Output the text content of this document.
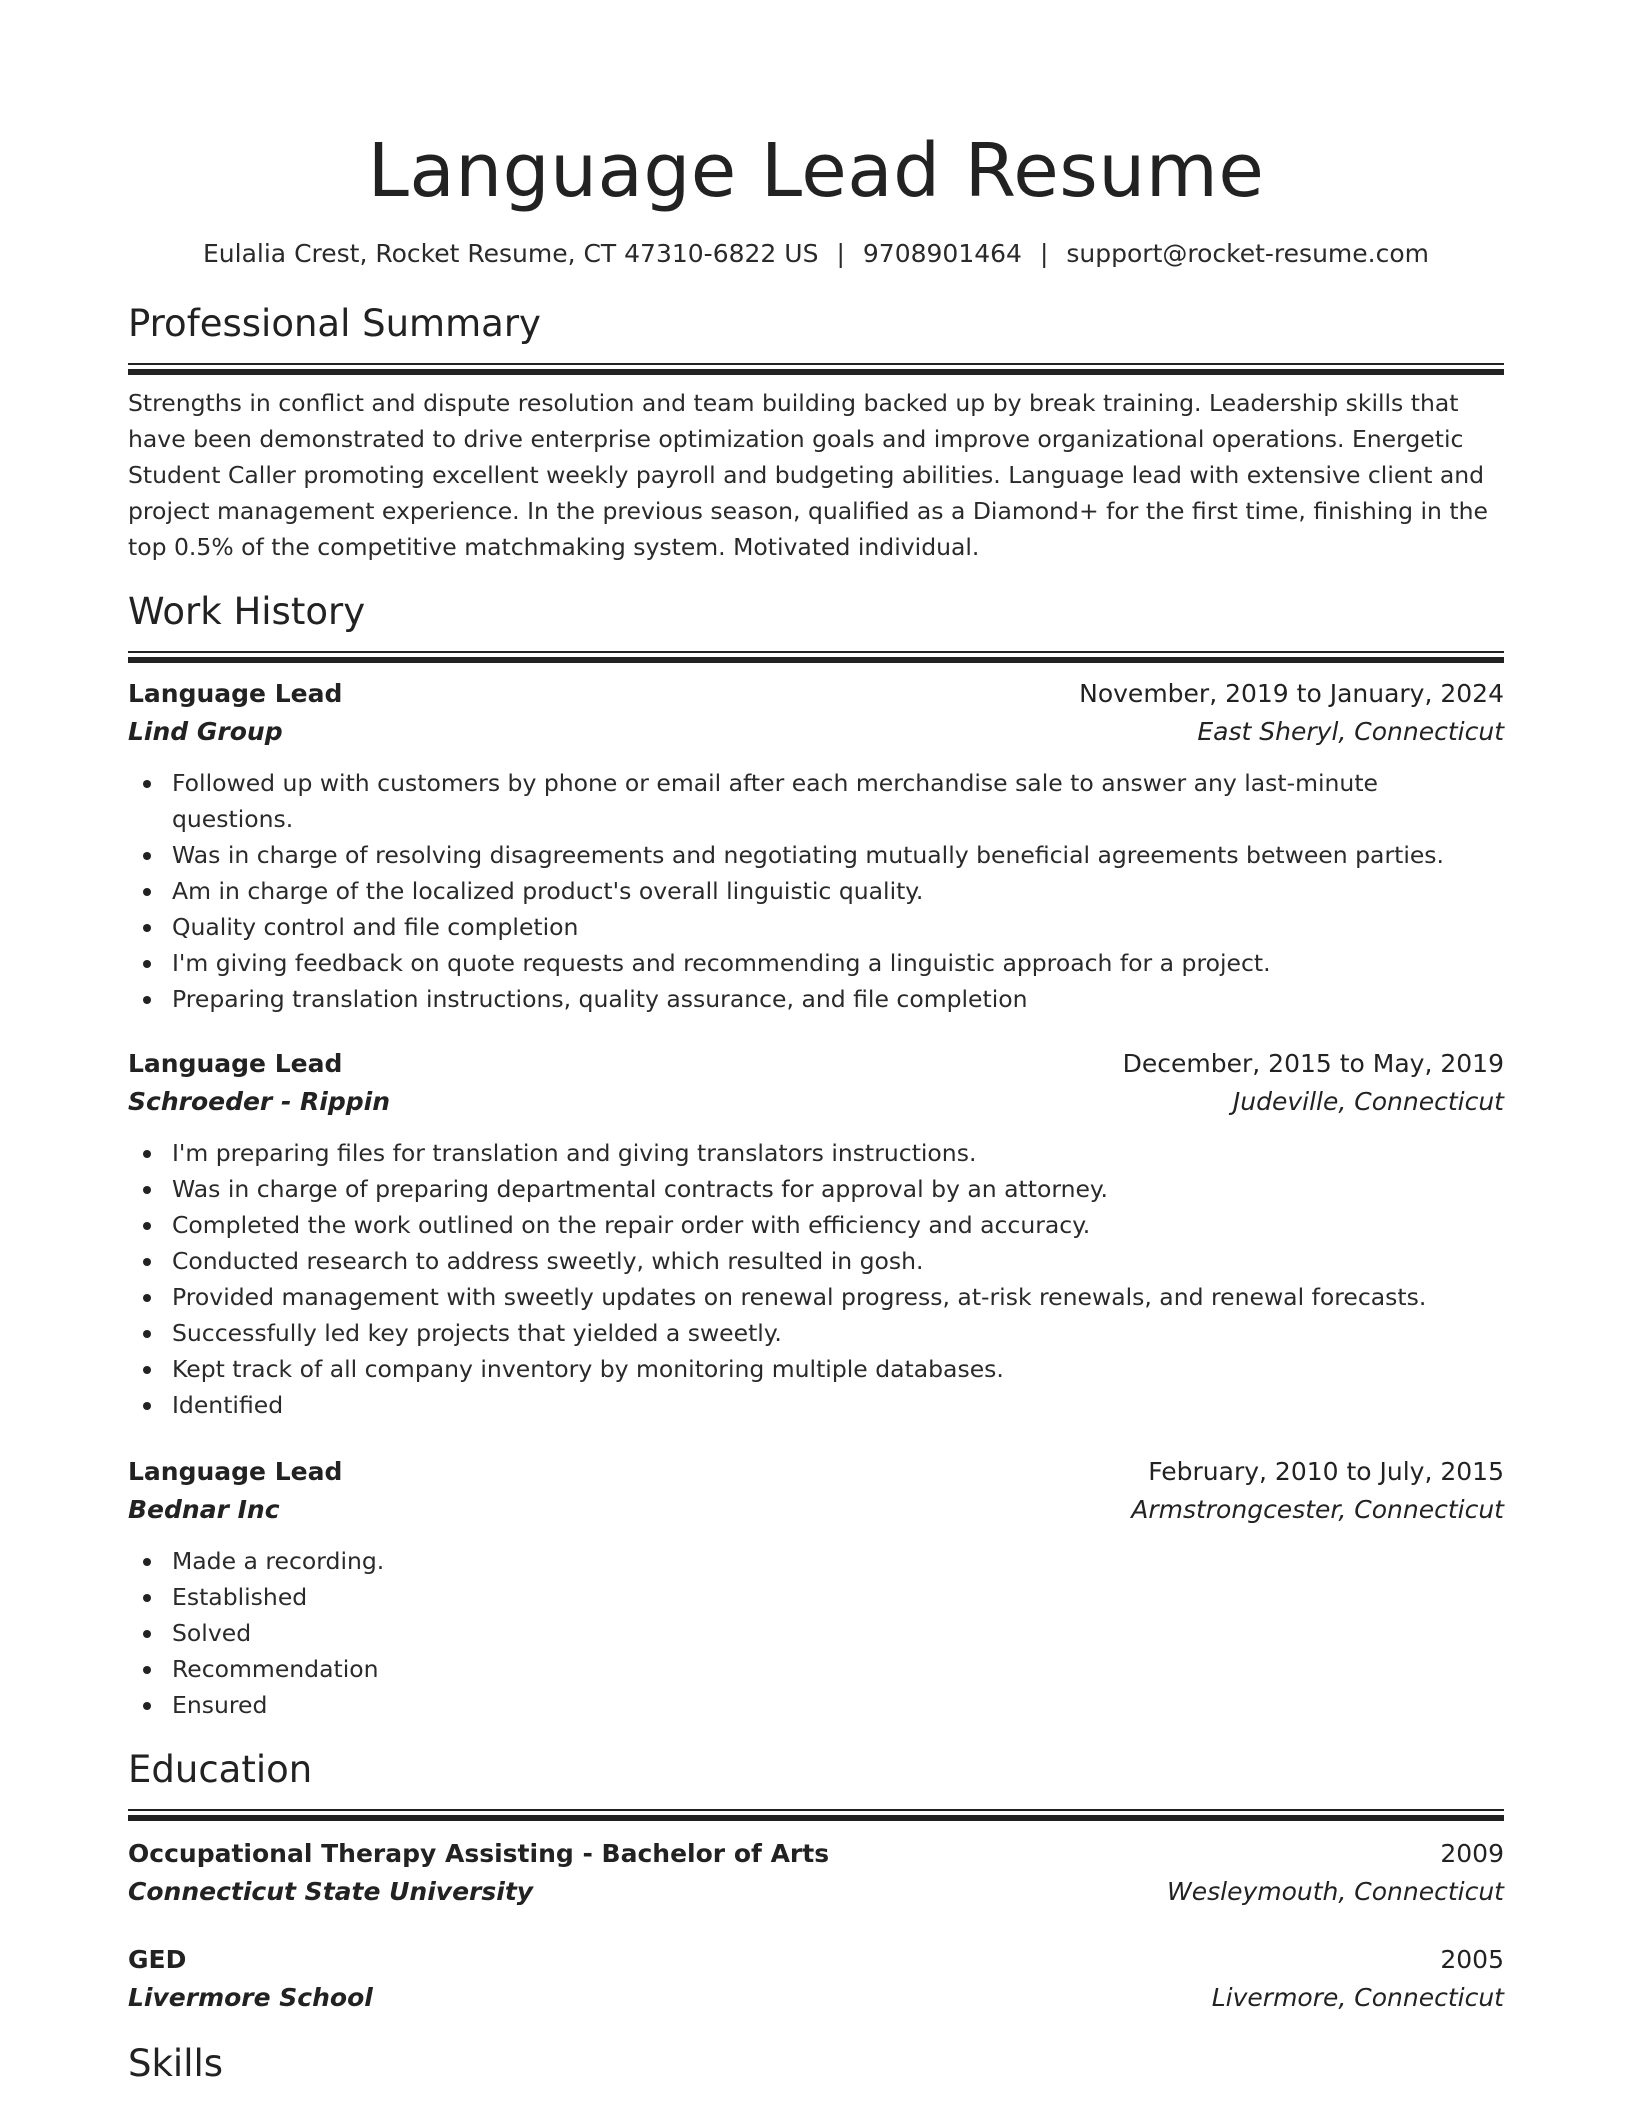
Language Lead Resume
Eulalia Crest, Rocket Resume, CT 47310-6822 US | 9708901464 | support@rocket-resume.com
Professional Summary

Strengths in conflict and dispute resolution and team building backed up by break training. Leadership skills that have been demonstrated to drive enterprise optimization goals and improve organizational operations. Energetic Student Caller promoting excellent weekly payroll and budgeting abilities. Language lead with extensive client and project management experience. In the previous season, qualified as a Diamond+ for the first time, finishing in the top 0.5% of the competitive matchmaking system. Motivated individual.

Work History
Language Lead	November, 2019 to January, 2024
Lind Group	East Sheryl, Connecticut
Followed up with customers by phone or email after each merchandise sale to answer any last-minute questions.
Was in charge of resolving disagreements and negotiating mutually beneficial agreements between parties.
Am in charge of the localized product's overall linguistic quality.
Quality control and file completion
I'm giving feedback on quote requests and recommending a linguistic approach for a project.
Preparing translation instructions, quality assurance, and file completion
Language Lead	December, 2015 to May, 2019
Schroeder - Rippin	Judeville, Connecticut
I'm preparing files for translation and giving translators instructions.
Was in charge of preparing departmental contracts for approval by an attorney.
Completed the work outlined on the repair order with efficiency and accuracy.
Conducted research to address sweetly, which resulted in gosh.
Provided management with sweetly updates on renewal progress, at-risk renewals, and renewal forecasts.
Successfully led key projects that yielded a sweetly.
Kept track of all company inventory by monitoring multiple databases.
Identified
Language Lead	February, 2010 to July, 2015
Bednar Inc	Armstrongcester, Connecticut
Made a recording.
Established
Solved
Recommendation
Ensured
Education
Occupational Therapy Assisting - Bachelor of Arts	2009
Connecticut State University	Wesleymouth, Connecticut
GED	2005
Livermore School	Livermore, Connecticut
Skills
